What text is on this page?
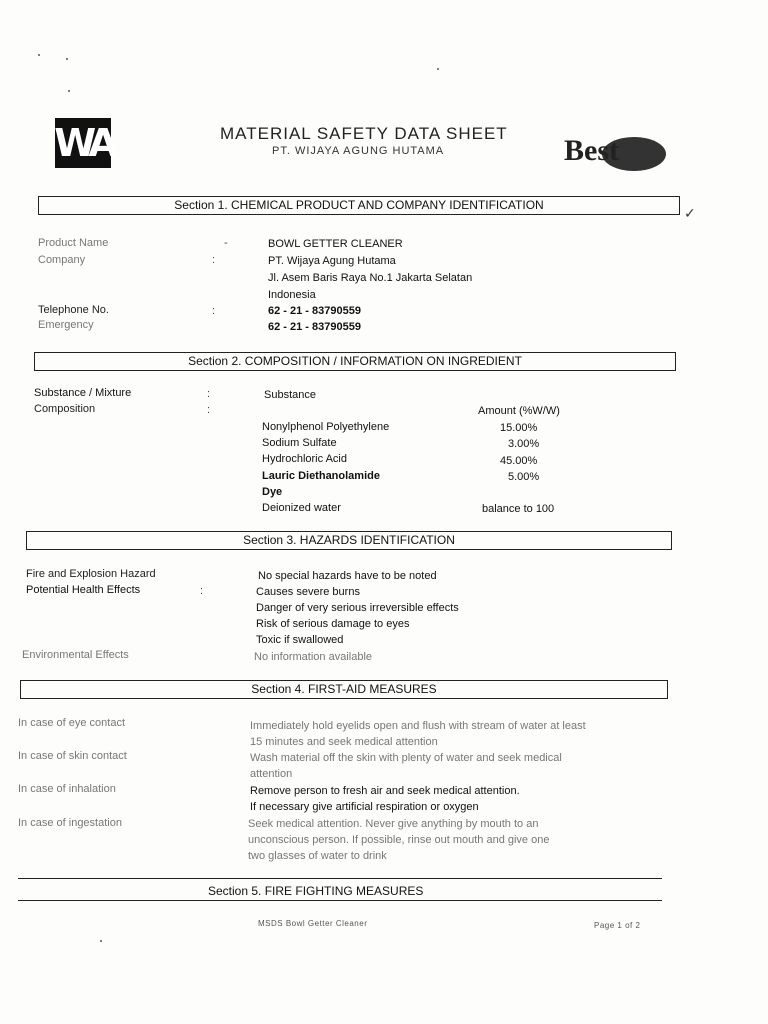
WA	Best
MATERIAL SAFETY DATA SHEET
PT. WIJAYA AGUNG HUTAMA
Section 1. CHEMICAL PRODUCT AND COMPANY IDENTIFICATION	✓
Product Name	-	BOWL GETTER CLEANER
Company	:	PT. Wijaya Agung Hutama
Jl. Asem Baris Raya No.1 Jakarta Selatan
Indonesia
Telephone No.	:	62 - 21 - 83790559
Emergency	62 - 21 - 83790559
Section 2. COMPOSITION / INFORMATION ON INGREDIENT
Substance / Mixture	:	Substance
Composition	:	Amount (%W/W)
Nonylphenol Polyethylene	15.00%
Sodium Sulfate	3.00%
Hydrochloric Acid	45.00%
Lauric Diethanolamide	5.00%
Dye
Deionized water	balance to 100
Section 3. HAZARDS IDENTIFICATION
Fire and Explosion Hazard	No special hazards have to be noted
Potential Health Effects	:	Causes severe burns
Danger of very serious irreversible effects
Risk of serious damage to eyes
Toxic if swallowed
Environmental Effects	No information available
Section 4. FIRST-AID MEASURES
In case of eye contact	Immediately hold eyelids open and flush with stream of water at least
15 minutes and seek medical attention
In case of skin contact	Wash material off the skin with plenty of water and seek medical
attention
In case of inhalation	Remove person to fresh air and seek medical attention.
If necessary give artificial respiration or oxygen
In case of ingestation	Seek medical attention. Never give anything by mouth to an
unconscious person. If possible, rinse out mouth and give one
two glasses of water to drink
Section 5. FIRE FIGHTING MEASURES
MSDS Bowl Getter Cleaner	Page 1 of 2
